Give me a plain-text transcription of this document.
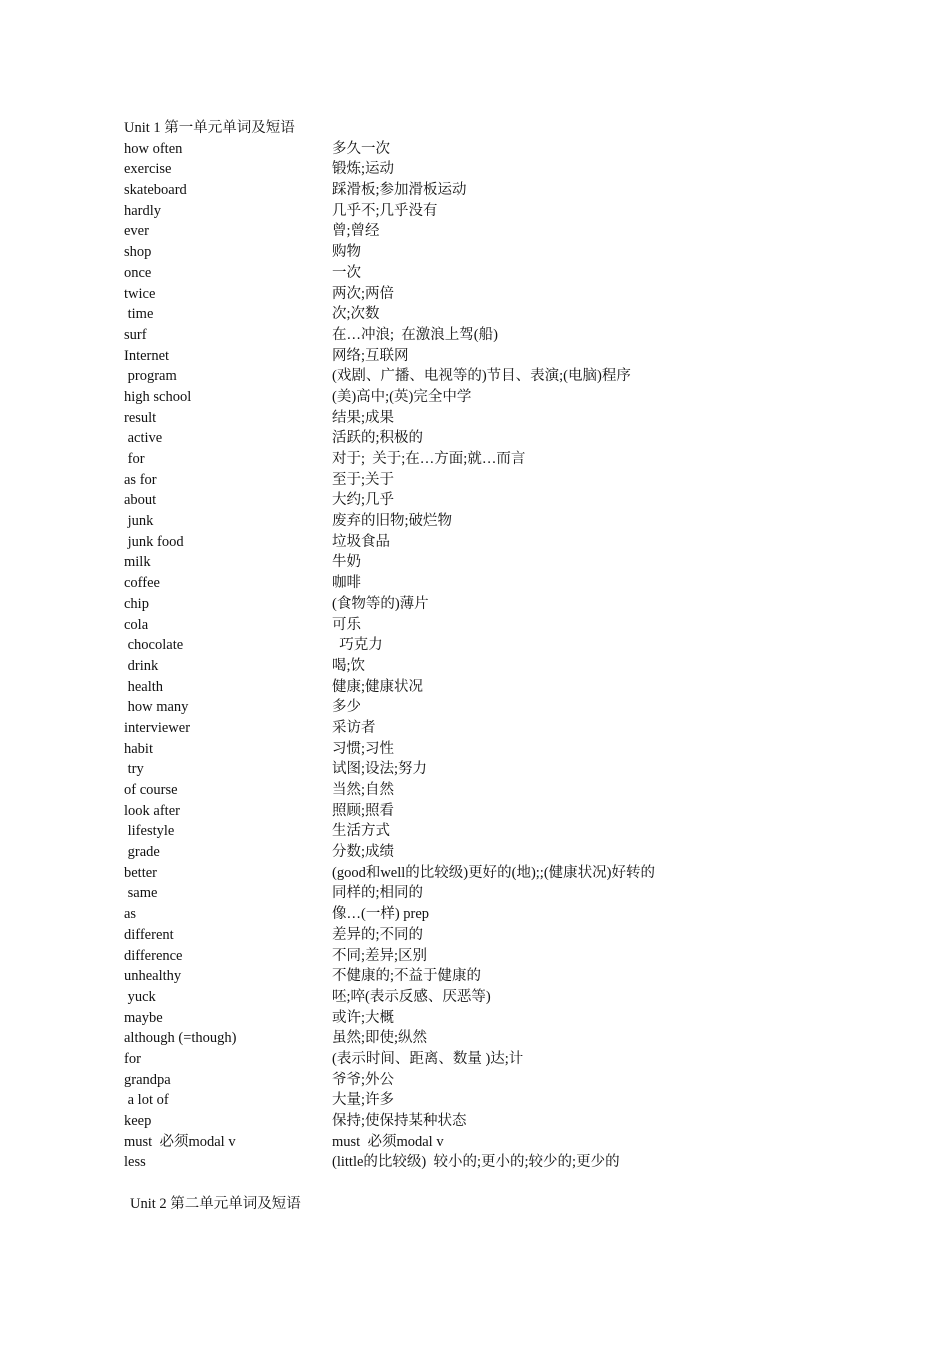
Unit 1 第一单元单词及短语
how often	多久一次
exercise	锻炼;运动
skateboard	踩滑板;参加滑板运动
hardly	几乎不;几乎没有
ever	曾;曾经
shop	购物
once	一次
twice	两次;两倍
time	次;次数
surf	在…冲浪;  在激浪上驾(船)
Internet	网络;互联网
program	(戏剧、广播、电视等的)节目、表演;(电脑)程序
high school	(美)高中;(英)完全中学
result	结果;成果
active	活跃的;积极的
for	对于;  关于;在…方面;就…而言
as for	至于;关于
about	大约;几乎
junk	废弃的旧物;破烂物
junk food	垃圾食品
milk	牛奶
coffee	咖啡
chip	(食物等的)薄片
cola	可乐
chocolate	巧克力
drink	喝;饮
health	健康;健康状况
how many	多少
interviewer	采访者
habit	习惯;习性
try	试图;设法;努力
of course	当然;自然
look after	照顾;照看
lifestyle	生活方式
grade	分数;成绩
better	(good和well的比较级)更好的(地);;(健康状况)好转的
same	同样的;相同的
as	像…(一样) prep
different	差异的;不同的
difference	不同;差异;区别
unhealthy	不健康的;不益于健康的
yuck	呸;啐(表示反感、厌恶等)
maybe	或许;大概
although (=though)	虽然;即使;纵然
for	(表示时间、距离、数量 )达;计
grandpa	爷爷;外公
a lot of	大量;许多
keep	保持;使保持某种状态
must  必须modal v	must  必须modal v
less	(little的比较级)  较小的;更小的;较少的;更少的
Unit 2 第二单元单词及短语
